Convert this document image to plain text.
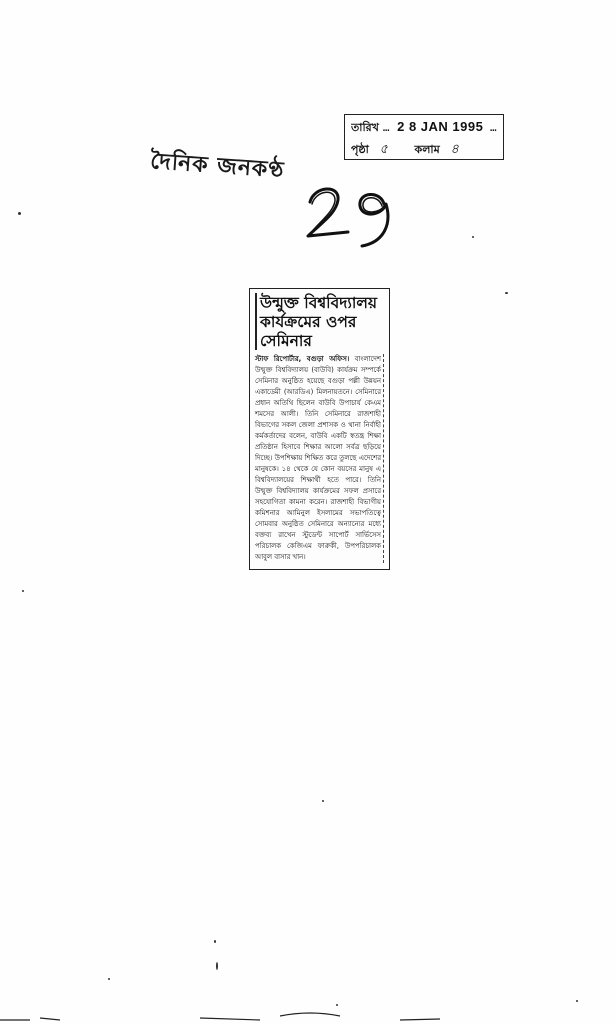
দৈনিক জনকণ্ঠ
তারিখ … 2 8 JAN 1995 …
পৃষ্ঠা ৫ কলাম ৪
উন্মুক্ত বিশ্ববিদ্যালয়
কার্যক্রমের ওপর
সেমিনার
স্টাফ রিপোর্টার, বগুড়া অফিস। বাংলাদেশ উন্মুক্ত বিশ্ববিদ্যালয় (বাউবি) কার্যক্রম সম্পর্কে সেমিনার অনুষ্ঠিত হয়েছে বগুড়া পল্লী উন্নয়ন একাডেমী (আরডিএ) মিলনায়তনে। সেমিনারে প্রধান অতিথি ছিলেন বাউবি উপাচার্য কেএম শমসের আলী। তিনি সেমিনারে রাজশাহী বিভাগের সকল জেলা প্রশাসক ও থানা নির্বাহী কর্মকর্তাদের বলেন, বাউবি একটি স্বতন্ত্র শিক্ষা প্রতিষ্ঠান হিসাবে শিক্ষার আলো সর্বত্র ছড়িয়ে দিচ্ছে। উপশিক্ষায় শিক্ষিত করে তুলছে এদেশের মানুষকে। ১৪ থেকে যে কোন বয়সের মানুষ এ বিশ্ববিদ্যালয়ের শিক্ষার্থী হতে পারে। তিনি উন্মুক্ত বিশ্ববিদ্যালয় কার্যক্রমের সফল প্রসারে সহযোগিতা কামনা করেন। রাজশাহী বিভাগীয় কমিশনার আমিনুল ইসলামের সভাপতিত্বে সোমবার অনুষ্ঠিত সেমিনারে অন্যান্যের মধ্যে বক্তব্য রাখেন স্টুডেন্ট সাপোর্ট সার্ভিসেস পরিচালক কেজিএম ফারুকী, উপপরিচালক আবুল বাসার খান।
